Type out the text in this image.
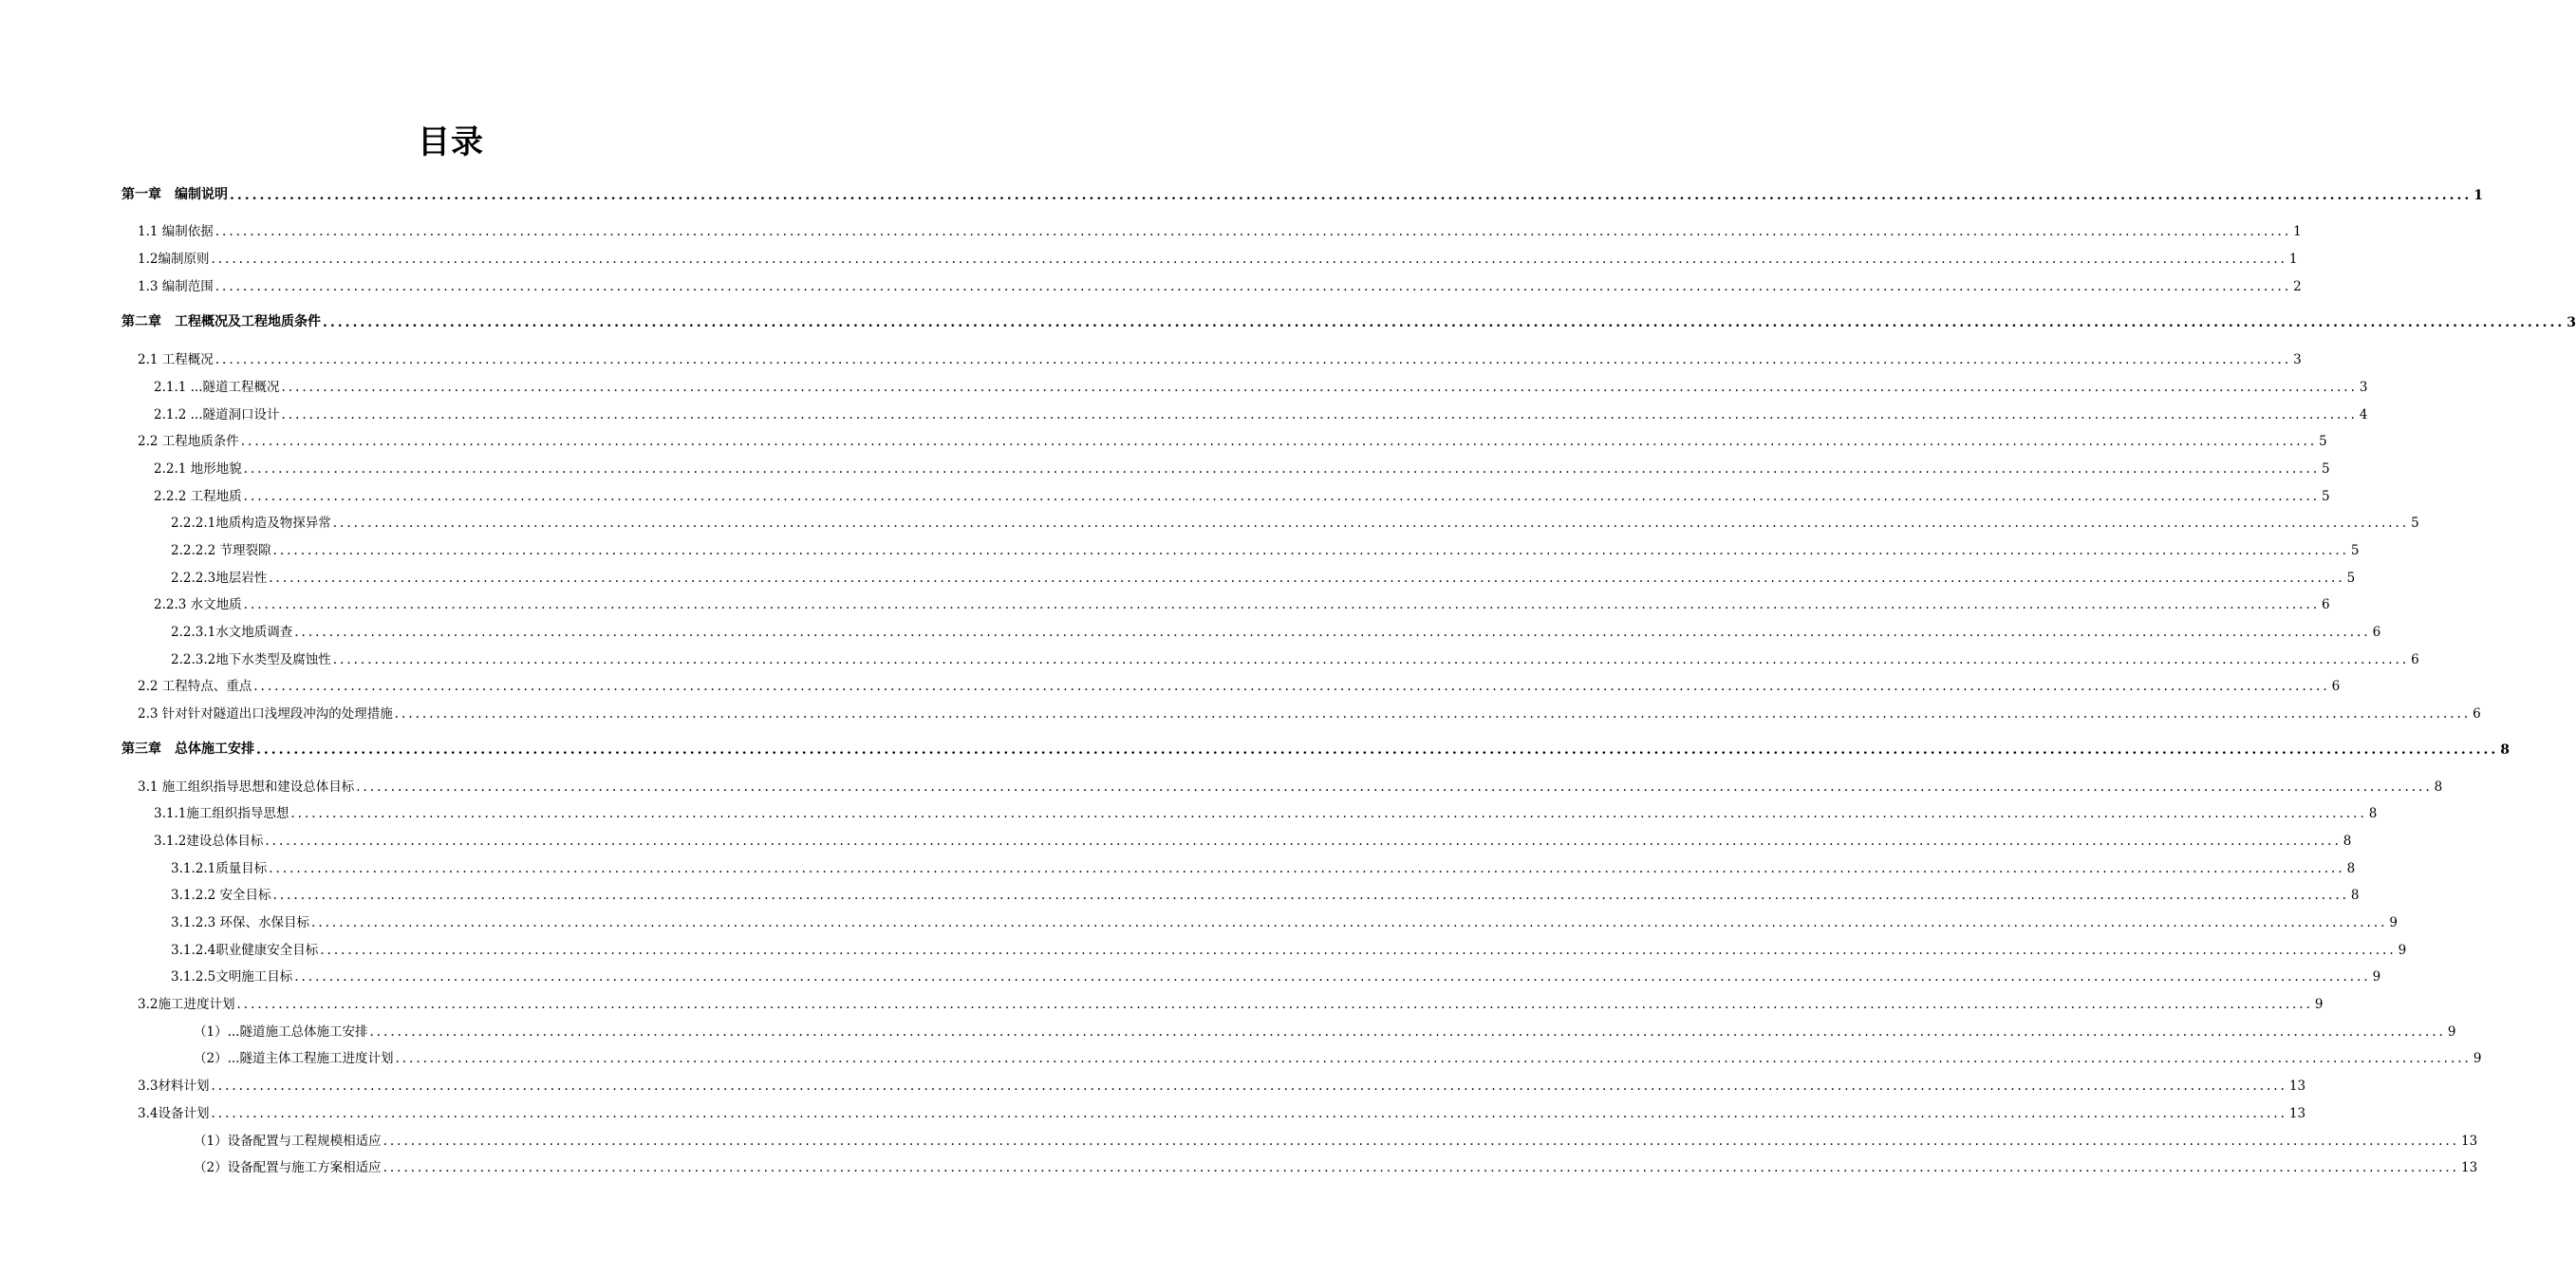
目录
第一章　编制说明 ............................................................................................................................................................................................................................................................................................................ 1
1.1 编制依据 ............................................................................................................................................................................................................................................................................................................ 1
1.2编制原则 ............................................................................................................................................................................................................................................................................................................ 1
1.3 编制范围 ............................................................................................................................................................................................................................................................................................................ 2
第二章　工程概况及工程地质条件 ............................................................................................................................................................................................................................................................................................................ 3
2.1 工程概况 ............................................................................................................................................................................................................................................................................................................ 3
2.1.1 ...隧道工程概况 ............................................................................................................................................................................................................................................................................................................ 3
2.1.2 ...隧道洞口设计 ............................................................................................................................................................................................................................................................................................................ 4
2.2 工程地质条件 ............................................................................................................................................................................................................................................................................................................ 5
2.2.1 地形地貌 ............................................................................................................................................................................................................................................................................................................ 5
2.2.2 工程地质 ............................................................................................................................................................................................................................................................................................................ 5
2.2.2.1地质构造及物探异常 ............................................................................................................................................................................................................................................................................................................ 5
2.2.2.2 节理裂隙 ............................................................................................................................................................................................................................................................................................................ 5
2.2.2.3地层岩性 ............................................................................................................................................................................................................................................................................................................ 5
2.2.3 水文地质 ............................................................................................................................................................................................................................................................................................................ 6
2.2.3.1水文地质调查 ............................................................................................................................................................................................................................................................................................................ 6
2.2.3.2地下水类型及腐蚀性 ............................................................................................................................................................................................................................................................................................................ 6
2.2 工程特点、重点 ............................................................................................................................................................................................................................................................................................................ 6
2.3 针对针对隧道出口浅埋段冲沟的处理措施 ............................................................................................................................................................................................................................................................................................................ 6
第三章　总体施工安排 ............................................................................................................................................................................................................................................................................................................ 8
3.1 施工组织指导思想和建设总体目标 ............................................................................................................................................................................................................................................................................................................ 8
3.1.1施工组织指导思想 ............................................................................................................................................................................................................................................................................................................ 8
3.1.2建设总体目标 ............................................................................................................................................................................................................................................................................................................ 8
3.1.2.1质量目标 ............................................................................................................................................................................................................................................................................................................ 8
3.1.2.2 安全目标 ............................................................................................................................................................................................................................................................................................................ 8
3.1.2.3 环保、水保目标 ............................................................................................................................................................................................................................................................................................................ 9
3.1.2.4职业健康安全目标 ............................................................................................................................................................................................................................................................................................................ 9
3.1.2.5文明施工目标 ............................................................................................................................................................................................................................................................................................................ 9
3.2施工进度计划 ............................................................................................................................................................................................................................................................................................................ 9
（1）...隧道施工总体施工安排 ............................................................................................................................................................................................................................................................................................................ 9
（2）...隧道主体工程施工进度计划 ............................................................................................................................................................................................................................................................................................................ 9
3.3材料计划 ............................................................................................................................................................................................................................................................................................................ 13
3.4设备计划 ............................................................................................................................................................................................................................................................................................................ 13
（1）设备配置与工程规模相适应 ............................................................................................................................................................................................................................................................................................................ 13
（2）设备配置与施工方案相适应 ............................................................................................................................................................................................................................................................................................................ 13
